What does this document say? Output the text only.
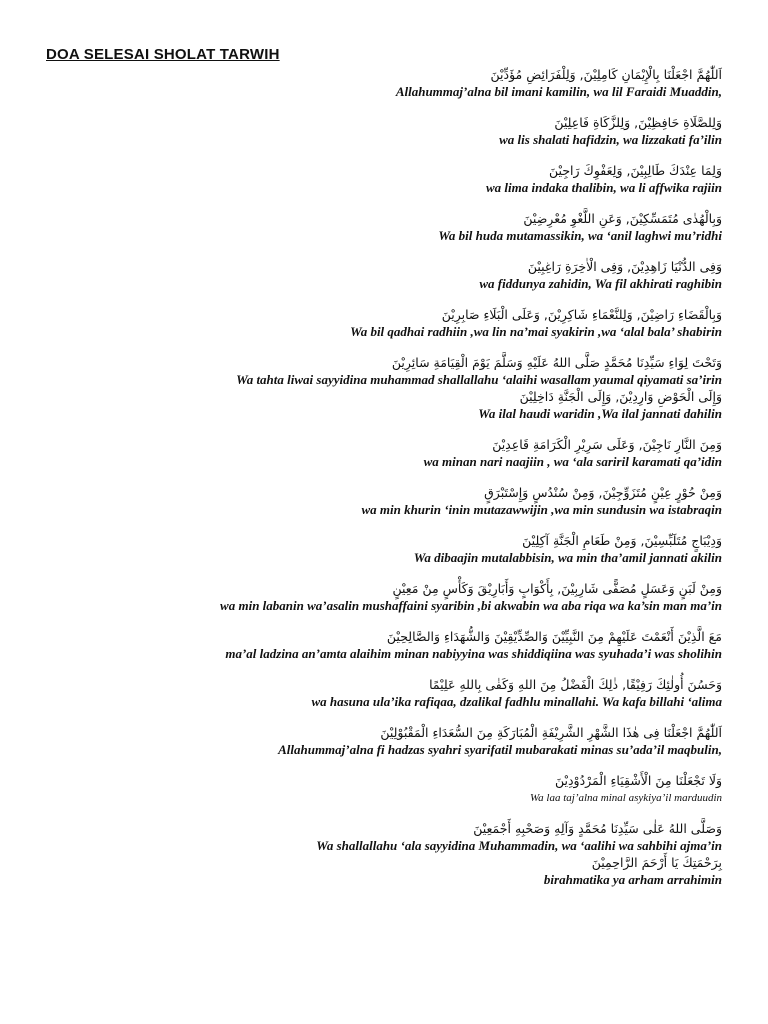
DOA SELESAI SHOLAT TARWIH
اَللّٰهُمَّ اجْعَلْنَا بِالْإِيْمَانِ كَامِلِيْنَ, وَلِلْفَرَائِضِ مُؤَدِّيْنَ
Allahummaj’alna bil imani kamilin, wa lil Faraidi Muaddin,
وَلِلصَّلَاةِ حَافِظِيْنَ, وَلِلزَّكَاةِ فَاعِلِيْنَ
wa lis shalati hafidzin, wa lizzakati fa’ilin
وَلِمَا عِنْدَكَ طَالِبِيْنَ, وَلِعَفْوِكَ رَاجِيْنَ
wa lima indaka thalibin, wa li affwika rajiin
وَبِالْهُدٰى مُتَمَسِّكِيْنَ, وَعَنِ اللَّغْوِ مُعْرِضِيْنَ
Wa bil huda mutamassikin, wa ‘anil laghwi mu’ridhi
وَفِى الدُّنْيَا زَاهِدِيْنَ, وَفِى الْاٰخِرَةِ رَاغِبِيْنَ
wa fiddunya zahidin, Wa fil akhirati raghibin
وَبِالْقَضَاءِ رَاضِيْنَ, وَلِلنَّعْمَاءِ شَاكِرِيْنَ, وَعَلَى الْبَلَاءِ صَابِرِيْنَ
Wa bil qadhai radhiin ,wa lin na’mai syakirin ,wa ‘alal bala’ shabirin
وَتَحْتَ لِوَاءِ سَيِّدِنَا مُحَمَّدٍ صَلَّى اللهُ عَلَيْهِ وَسَلَّمَ يَوْمَ الْقِيَامَةِ سَائِرِيْنَ
Wa tahta liwai sayyidina muhammad shallallahu ‘alaihi wasallam yaumal qiyamati sa’irin
وَإِلَى الْحَوْضِ وَارِدِيْنَ, وَإِلَى الْجَنَّةِ دَاخِلِيْنَ
Wa ilal haudi waridin ,Wa ilal jannati dahilin
وَمِنَ النَّارِ نَاجِيْنَ, وَعَلَى سَرِيْرِ الْكَرَامَةِ قَاعِدِيْنَ
wa minan nari naajiin , wa ‘ala sariril karamati qa’idin
وَمِنْ حُوْرٍ عِيْنٍ مُتَزَوِّجِيْنَ, وَمِنْ سُنْدُسٍ وَإِسْتَبْرَقٍ
wa min khurin ‘inin mutazawwijin ,wa min sundusin wa istabraqin
وَدِيْبَاجٍ مُتَلَبِّسِيْنَ, وَمِنْ طَعَامِ الْجَنَّةِ آكِلِيْنَ
Wa dibaajin mutalabbisin, wa min tha’amil jannati akilin
وَمِنْ لَبَنٍ وَعَسَلٍ مُصَفًّى شَارِبِيْنَ, بِأَكْوَابٍ وَأَبَارِيْقَ وَكَأْسٍ مِنْ مَعِيْنٍ
wa min labanin wa’asalin mushaffaini syaribin ,bi akwabin wa aba riqa wa ka’sin man ma’in
مَعَ الَّذِيْنَ أَنْعَمْتَ عَلَيْهِمْ مِنَ النَّبِيِّيْنَ وَالصِّدِّيْقِيْنَ وَالشُّهَدَاءِ وَالصَّالِحِيْنَ
ma’al ladzina an’amta alaihim minan nabiyyina was shiddiqiina was syuhada’i was sholihin
وَحَسُنَ أُولٰئِكَ رَفِيْقًا, ذٰلِكَ الْفَضْلُ مِنَ اللهِ وَكَفٰى بِاللهِ عَلِيْمًا
wa hasuna ula’ika rafiqaa, dzalikal fadhlu minallahi. Wa kafa billahi ‘alima
اَللّٰهُمَّ اجْعَلْنَا فِى هٰذَا الشَّهْرِ الشَّرِيْفَةِ الْمُبَارَكَةِ مِنَ السُّعَدَاءِ الْمَقْبُوْلِيْنَ
Allahummaj’alna fi hadzas syahri syarifatil mubarakati minas su’ada’il maqbulin,
وَلَا تَجْعَلْنَا مِنَ الْأَشْقِيَاءِ الْمَرْدُوْدِيْنَ
Wa laa taj’alna minal asykiya’il marduudin
وَصَلَّى اللهُ عَلٰى سَيِّدِنَا مُحَمَّدٍ وَآلِهِ وَصَحْبِهِ أَجْمَعِيْنَ
Wa shallallahu ‘ala sayyidina Muhammadin, wa ‘aalihi wa sahbihi ajma’in
بِرَحْمَتِكَ يَا أَرْحَمَ الرَّاحِمِيْنَ
birahmatika ya arham arrahimin
